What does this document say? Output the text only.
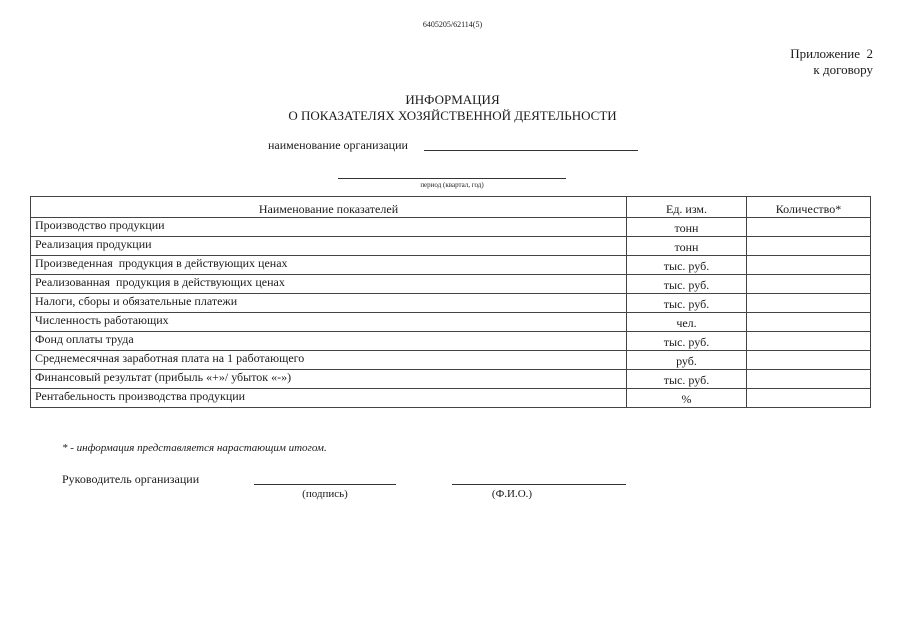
6405205/62114(5)
Приложение  2
к договору
ИНФОРМАЦИЯ
О ПОКАЗАТЕЛЯХ ХОЗЯЙСТВЕННОЙ ДЕЯТЕЛЬНОСТИ
наименование организации
период (квартал, год)
Наименование показателей	Ед. изм.	Количество*
Производство продукции	тонн	
Реализация продукции	тонн	
Произведенная  продукция в действующих ценах	тыс. руб.	
Реализованная  продукция в действующих ценах	тыс. руб.	
Налоги, сборы и обязательные платежи	тыс. руб.	
Численность работающих	чел.	
Фонд оплаты труда	тыс. руб.	
Среднемесячная заработная плата на 1 работающего	руб.	
Финансовый результат (прибыль «+»/ убыток «-»)	тыс. руб.	
Рентабельность производства продукции	%	
* - информация представляется нарастающим итогом.
Руководитель организации
(подпись)	(Ф.И.О.)
